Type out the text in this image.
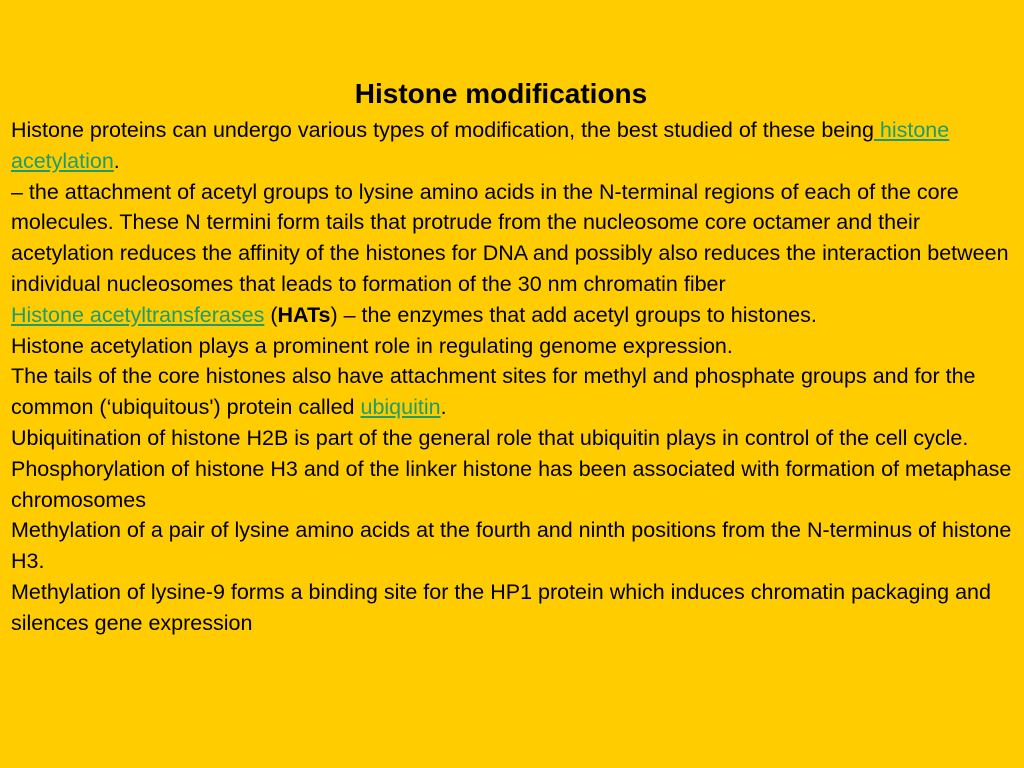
Histone modifications

Histone proteins can undergo various types of modification, the best studied of these being histone acetylation.

– the attachment of acetyl groups to lysine amino acids in the N-terminal regions of each of the core molecules. These N termini form tails that protrude from the nucleosome core octamer and their acetylation reduces the affinity of the histones for DNA and possibly also reduces the interaction between individual nucleosomes that leads to formation of the 30 nm chromatin fiber

Histone acetyltransferases (HATs) – the enzymes that add acetyl groups to histones.

Histone acetylation plays a prominent role in regulating genome expression.

The tails of the core histones also have attachment sites for methyl and phosphate groups and for the common (‘ubiquitous') protein called ubiquitin.

Ubiquitination of histone H2B is part of the general role that ubiquitin plays in control of the cell cycle.

Phosphorylation of histone H3 and of the linker histone has been associated with formation of metaphase chromosomes

Methylation of a pair of lysine amino acids at the fourth and ninth positions from the N-terminus of histone H3.

Methylation of lysine-9 forms a binding site for the HP1 protein which induces chromatin packaging and silences gene expression
